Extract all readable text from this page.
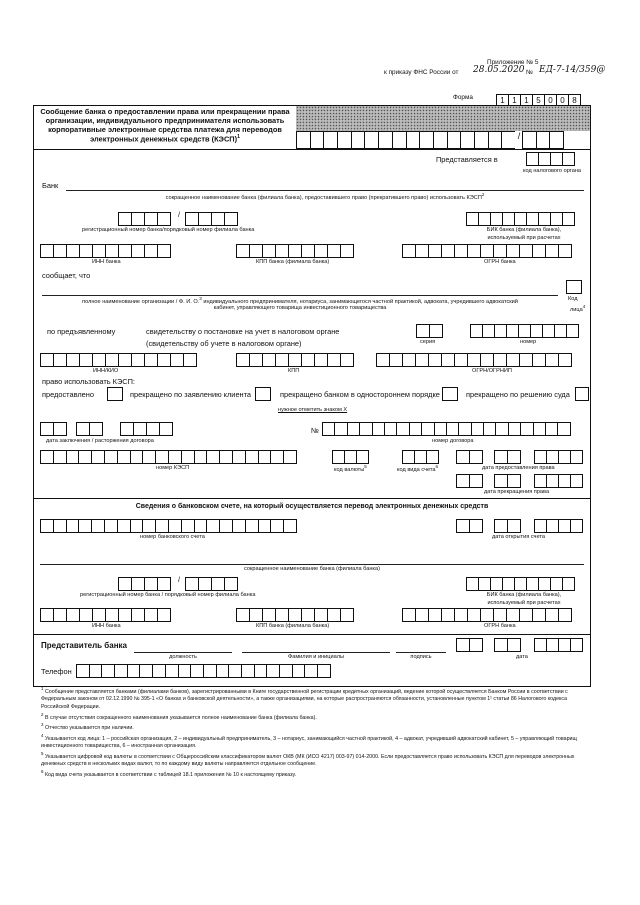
Приложение № 5
к приказу ФНС России от 28.05.2020 № ЕД-7-14/359@
Форма	1 1 1 5 0 0 8
Сообщение банка о предоставлении права или прекращении права
организации, индивидуального предпринимателя использовать
корпоративные электронные средства платежа для переводов
электронных денежных средств (КЭСП)$^1$	/
Представляется в
код налогового органа
Банк
сокращенное наименование банка (филиала банка), предоставившего право (прекратившего право) использовать КЭСП$^2$
/
регистрационный номер банка/порядковый номер филиала банка	БИК банка (филиала банка),
используемый при расчетах
ИНН банка	КПП банка (филиала банка)	ОГРН банка
сообщает, что
полное наименование организации / Ф. И. О.$^3$ индивидуального предпринимателя, нотариуса, занимающегося частной практикой, адвоката, учредившего адвокатский
кабинет, управляющего товарища инвестиционного товарищества
Код
лица$^4$
по предъявленному	свидетельству о постановке на учет в налоговом органе
(свидетельству об учете в налоговом органе)	серия	номер
ИНН/КИО	КПП	ОГРН/ОГРНИП
право использовать КЭСП:
предоставлено	прекращено по заявлению клиента	прекращено банком в одностороннем порядке	прекращено по решению суда
нужное отметить знаком X
дата заключения / расторжения договора
№
номер договора
номер КЭСП	код валюты$^5$
код вида счета$^6$	дата предоставления права
дата прекращения права
Сведения о банковском счете, на который осуществляется перевод электронных денежных средств
номер банковского счета	дата открытия счета
сокращенное наименование банка (филиала банка)
/
регистрационный номер банка / порядковый номер филиала банка	БИК банка (филиала банка),
используемый при расчетах
ИНН банка	КПП банка (филиала банка)	ОГРН банка
Представитель банка
должность	Фамилия и инициалы	подпись	дата
Телефон

$^1$ Сообщение представляется банками (филиалами банков), зарегистрированными в Книге государственной регистрации кредитных организаций, ведение которой осуществляется Банком России в соответствии с Федеральным законом от 02.12.1990 № 395-1 «О банках и банковской деятельности», а также организациями, на которые распространяются обязанности, установленные пунктом 1¹ статьи 86 Налогового кодекса Российской Федерации.

$^2$ В случае отсутствия сокращенного наименования указывается полное наименование банка (филиала банка).

$^3$ Отчество указывается при наличии.

$^4$ Указывается код лица: 1 – российская организация, 2 – индивидуальный предприниматель, 3 – нотариус, занимающийся частной практикой, 4 – адвокат, учредивший адвокатский кабинет, 5 – управляющий товарищ инвестиционного товарищества, 6 – иностранная организация.

$^5$ Указывается цифровой код валюты в соответствии с Общероссийским классификатором валют ОКВ (МК (ИСО 4217) 003-97) 014-2000. Если предоставляется право использовать КЭСП для переводов электронных денежных средств в нескольких видах валют, то по каждому виду валюты направляется отдельное сообщение.

$^6$ Код вида счета указывается в соответствии с таблицей 18.1 приложения № 10 к настоящему приказу.
